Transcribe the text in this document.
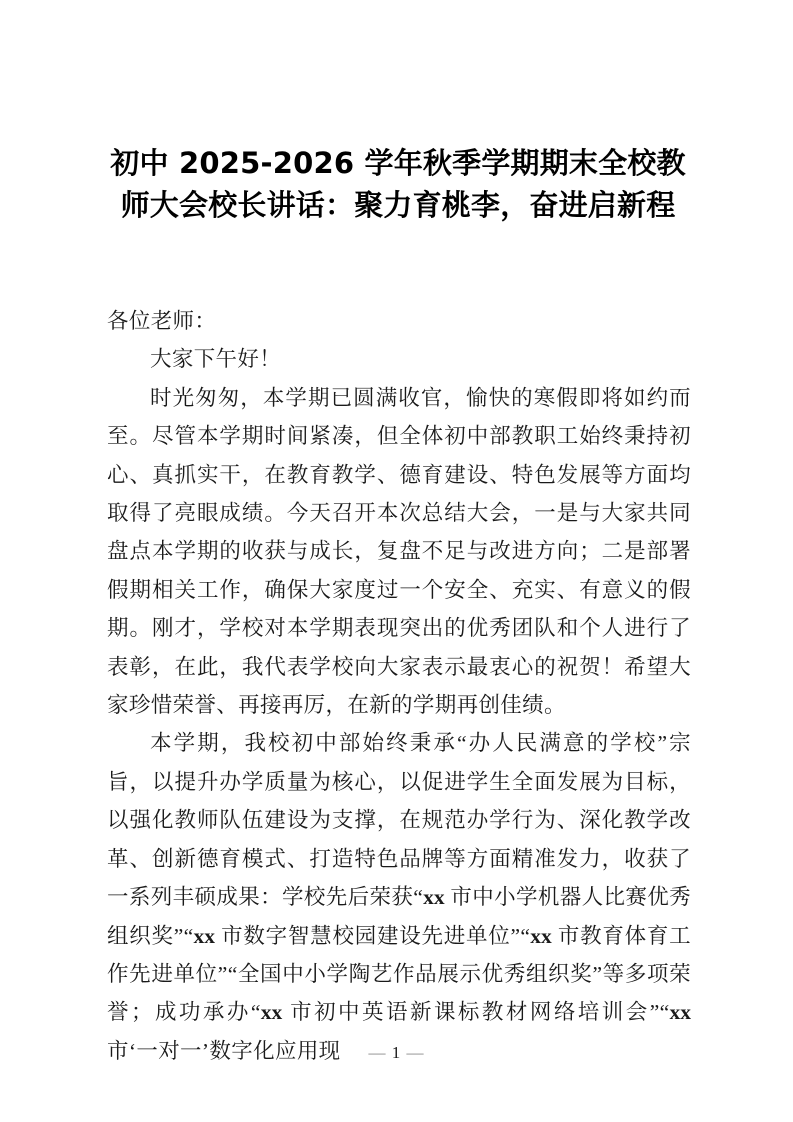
初中 2025-2026 学年秋季学期期末全校教师大会校长讲话：聚力育桃李，奋进启新程

各位老师：

大家下午好！

时光匆匆，本学期已圆满收官，愉快的寒假即将如约而至。尽管本学期时间紧凑，但全体初中部教职工始终秉持初心、真抓实干，在教育教学、德育建设、特色发展等方面均取得了亮眼成绩。今天召开本次总结大会，一是与大家共同盘点本学期的收获与成长，复盘不足与改进方向；二是部署假期相关工作，确保大家度过一个安全、充实、有意义的假期。刚才，学校对本学期表现突出的优秀团队和个人进行了表彰，在此，我代表学校向大家表示最衷心的祝贺！希望大家珍惜荣誉、再接再厉，在新的学期再创佳绩。

本学期，我校初中部始终秉承“办人民满意的学校”宗旨，以提升办学质量为核心，以促进学生全面发展为目标，以强化教师队伍建设为支撑，在规范办学行为、深化教学改革、创新德育模式、打造特色品牌等方面精准发力，收获了一系列丰硕成果：学校先后荣获“xx 市中小学机器人比赛优秀组织奖”“xx 市数字智慧校园建设先进单位”“xx 市教育体育工作先进单位”“全国中小学陶艺作品展示优秀组织奖”等多项荣誉；成功承办“xx 市初中英语新课标教材网络培训会”“xx 市‘一对一’数字化应用现	— 1 —
